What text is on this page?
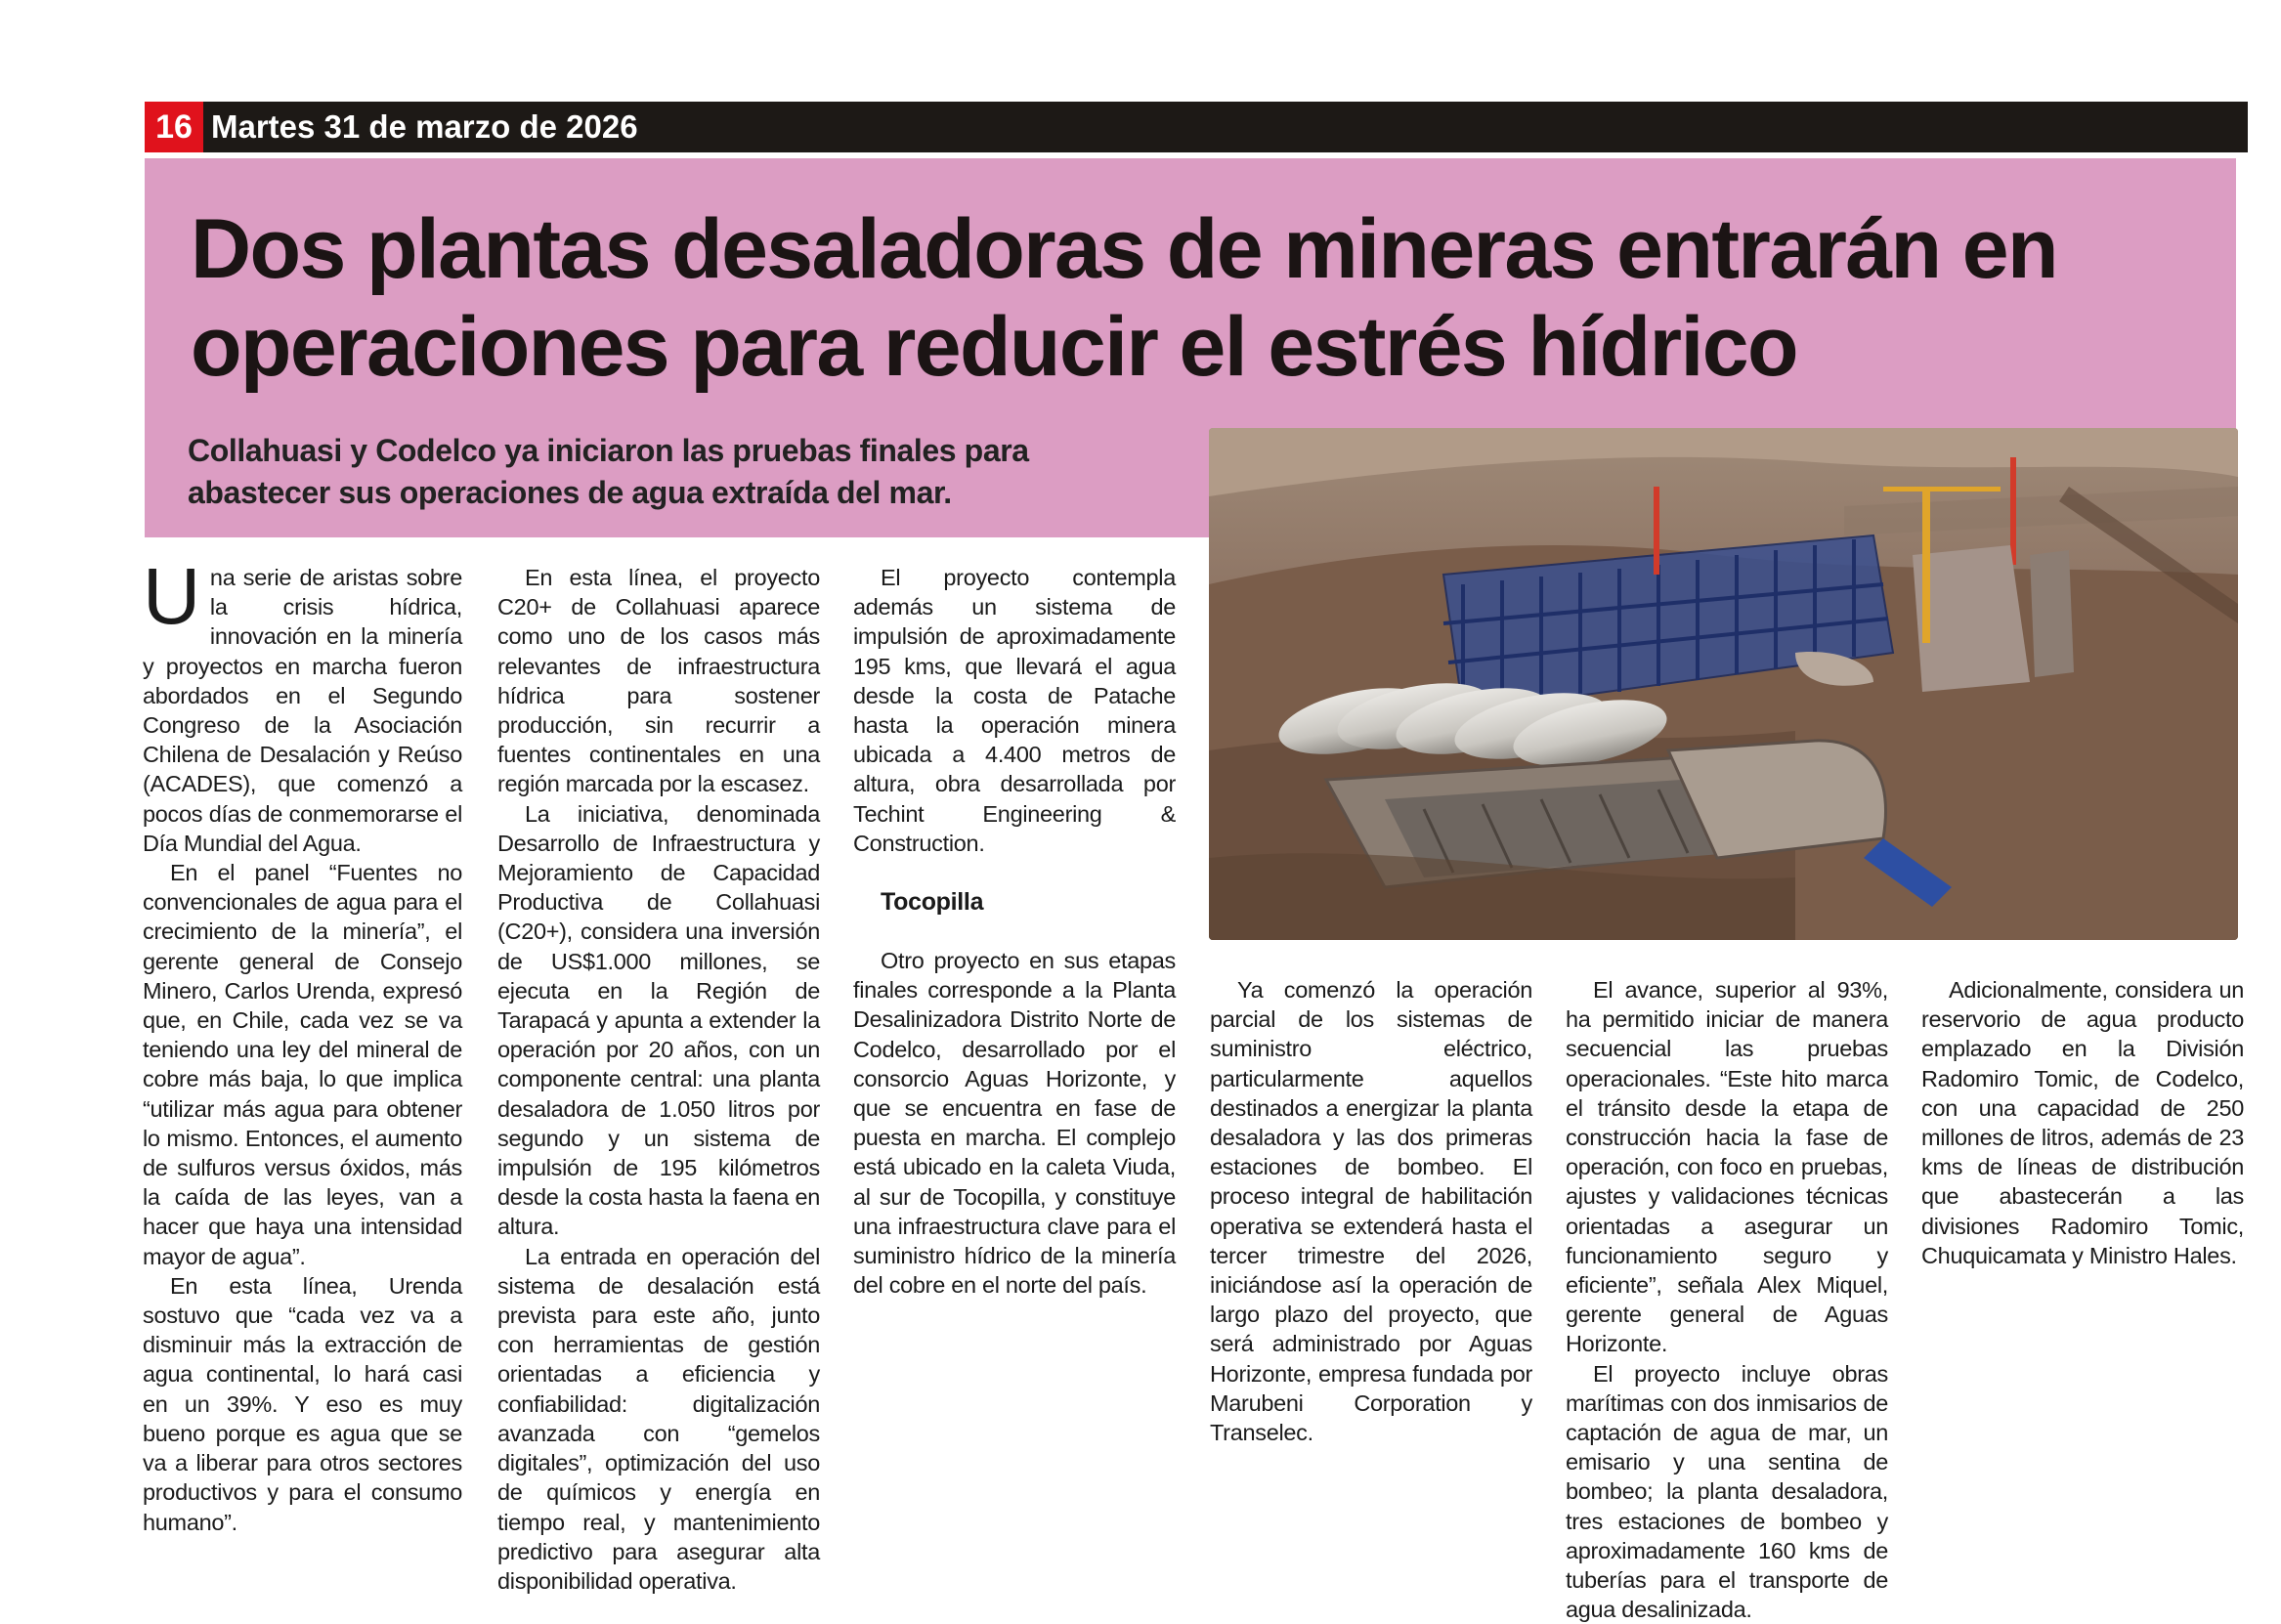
16 Martes 31 de marzo de 2026
Dos plantas desaladoras de mineras entrarán en
operaciones para reducir el estrés hídrico
Collahuasi y Codelco ya iniciaron las pruebas finales para
abastecer sus operaciones de agua extraída del mar.

Una serie de aristas sobre la crisis hídrica, innovación en la minería y proyectos en marcha fueron abordados en el Segundo Congreso de la Asociación Chilena de Desalación y Reúso (ACADES), que comenzó a pocos días de conmemorarse el Día Mundial del Agua.

En el panel “Fuentes no convencionales de agua para el crecimiento de la minería”, el gerente general de Consejo Minero, Carlos Urenda, expresó que, en Chile, cada vez se va teniendo una ley del mineral de cobre más baja, lo que implica “utilizar más agua para obtener lo mismo. Entonces, el aumento de sulfuros versus óxidos, más la caída de las leyes, van a hacer que haya una intensidad mayor de agua”.

En esta línea, Urenda sostuvo que “cada vez va a disminuir más la extracción de agua continental, lo hará casi en un 39%. Y eso es muy bueno porque es agua que se va a liberar para otros sectores productivos y para el consumo humano”.

En esta línea, el proyecto C20+ de Collahuasi aparece como uno de los casos más relevantes de infraestructura hídrica para sostener producción, sin recurrir a fuentes continentales en una región marcada por la escasez.

La iniciativa, denominada Desarrollo de Infraestructura y Mejoramiento de Capacidad Productiva de Collahuasi (C20+), considera una inversión de US$1.000 millones, se ejecuta en la Región de Tarapacá y apunta a extender la operación por 20 años, con un componente central: una planta desaladora de 1.050 litros por segundo y un sistema de impulsión de 195 kilómetros desde la costa hasta la faena en altura.

La entrada en operación del sistema de desalación está prevista para este año, junto con herramientas de gestión orientadas a eficiencia y confiabilidad: digitalización avanzada con “gemelos digitales”, optimización del uso de químicos y energía en tiempo real, y mantenimiento predictivo para asegurar alta disponibilidad operativa.

El proyecto contempla además un sistema de impulsión de aproximadamente 195 kms, que llevará el agua desde la costa de Patache hasta la operación minera ubicada a 4.400 metros de altura, obra desarrollada por Techint Engineering & Construction.

Tocopilla

Otro proyecto en sus etapas finales corresponde a la Planta Desalinizadora Distrito Norte de Codelco, desarrollado por el consorcio Aguas Horizonte, y que se encuentra en fase de puesta en marcha. El complejo está ubicado en la caleta Viuda, al sur de Tocopilla, y constituye una infraestructura clave para el suministro hídrico de la minería del cobre en el norte del país.

Ya comenzó la operación parcial de los sistemas de suministro eléctrico, particularmente aquellos destinados a energizar la planta desaladora y las dos primeras estaciones de bombeo. El proceso integral de habilitación operativa se extenderá hasta el tercer trimestre del 2026, iniciándose así la operación de largo plazo del proyecto, que será administrado por Aguas Horizonte, empresa fundada por Marubeni Corporation y Transelec.

El avance, superior al 93%, ha permitido iniciar de manera secuencial las pruebas operacionales. “Este hito marca el tránsito desde la etapa de construcción hacia la fase de operación, con foco en pruebas, ajustes y validaciones técnicas orientadas a asegurar un funcionamiento seguro y eficiente”, señala Alex Miquel, gerente general de Aguas Horizonte.

El proyecto incluye obras marítimas con dos inmisarios de captación de agua de mar, un emisario y una sentina de bombeo; la planta desaladora, tres estaciones de bombeo y aproximadamente 160 kms de tuberías para el transporte de agua desalinizada.

Adicionalmente, considera un reservorio de agua producto emplazado en la División Radomiro Tomic, de Codelco, con una capacidad de 250 millones de litros, además de 23 kms de líneas de distribución que abastecerán a las divisiones Radomiro Tomic, Chuquicamata y Ministro Hales.
